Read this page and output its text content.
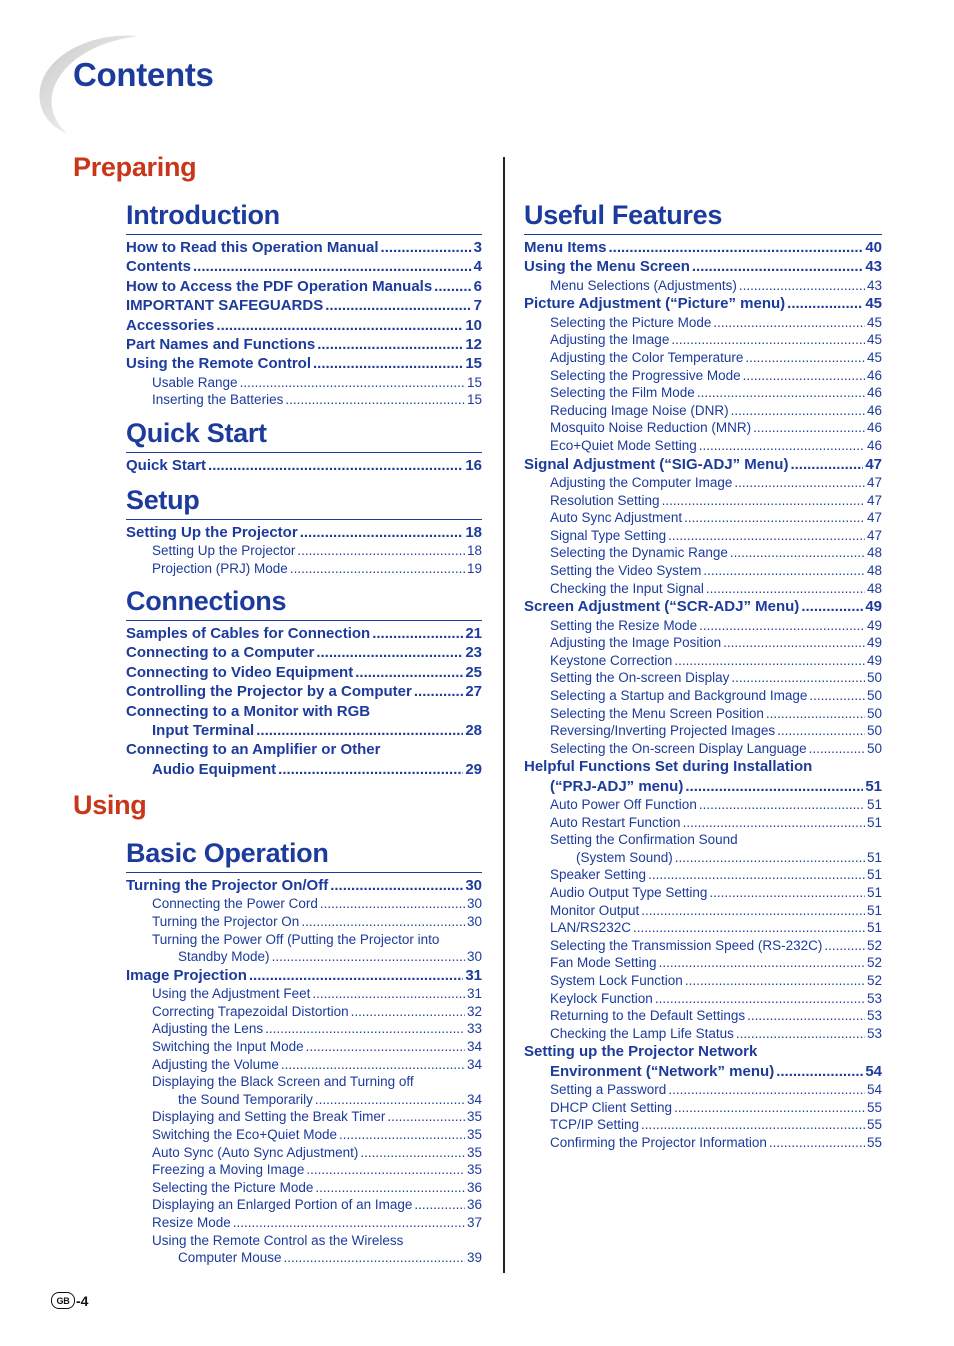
Contents
Preparing
Introduction
How to Read this Operation Manual .....	3
Contents .....	4
How to Access the PDF Operation Manuals .....	6
IMPORTANT SAFEGUARDS .....	7
Accessories .....	10
Part Names and Functions .....	12
Using the Remote Control .....	15
Usable Range .....	15
Inserting the Batteries .....	15
Quick Start
Quick Start .....	16
Setup
Setting Up the Projector .....	18
Setting Up the Projector .....	18
Projection (PRJ) Mode .....	19
Connections
Samples of Cables for Connection .....	21
Connecting to a Computer .....	23
Connecting to Video Equipment .....	25
Controlling the Projector by a Computer .....	27
Connecting to a Monitor with RGB
Input Terminal .....	28
Connecting to an Amplifier or Other
Audio Equipment .....	29
Using
Basic Operation
Turning the Projector On/Off .....	30
Connecting the Power Cord .....	30
Turning the Projector On .....	30
Turning the Power Off (Putting the Projector into
Standby Mode) .....	30
Image Projection .....	31
Using the Adjustment Feet .....	31
Correcting Trapezoidal Distortion .....	32
Adjusting the Lens .....	33
Switching the Input Mode .....	34
Adjusting the Volume .....	34
Displaying the Black Screen and Turning off
the Sound Temporarily .....	34
Displaying and Setting the Break Timer .....	35
Switching the Eco+Quiet Mode .....	35
Auto Sync (Auto Sync Adjustment) .....	35
Freezing a Moving Image .....	35
Selecting the Picture Mode .....	36
Displaying an Enlarged Portion of an Image .....	36
Resize Mode .....	37
Using the Remote Control as the Wireless
Computer Mouse .....	39
Useful Features
Menu Items .....	40
Using the Menu Screen .....	43
Menu Selections (Adjustments) .....	43
Picture Adjustment (“Picture” menu) .....	45
Selecting the Picture Mode .....	45
Adjusting the Image .....	45
Adjusting the Color Temperature .....	45
Selecting the Progressive Mode .....	46
Selecting the Film Mode .....	46
Reducing Image Noise (DNR) .....	46
Mosquito Noise Reduction (MNR) .....	46
Eco+Quiet Mode Setting .....	46
Signal Adjustment (“SIG-ADJ” Menu) .....	47
Adjusting the Computer Image .....	47
Resolution Setting .....	47
Auto Sync Adjustment .....	47
Signal Type Setting .....	47
Selecting the Dynamic Range .....	48
Setting the Video System .....	48
Checking the Input Signal .....	48
Screen Adjustment (“SCR-ADJ” Menu) .....	49
Setting the Resize Mode .....	49
Adjusting the Image Position .....	49
Keystone Correction .....	49
Setting the On-screen Display .....	50
Selecting a Startup and Background Image .....	50
Selecting the Menu Screen Position .....	50
Reversing/Inverting Projected Images .....	50
Selecting the On-screen Display Language .....	50
Helpful Functions Set during Installation
(“PRJ-ADJ” menu) .....	51
Auto Power Off Function .....	51
Auto Restart Function .....	51
Setting the Confirmation Sound
(System Sound) .....	51
Speaker Setting .....	51
Audio Output Type Setting .....	51
Monitor Output .....	51
LAN/RS232C .....	51
Selecting the Transmission Speed (RS-232C) .....	52
Fan Mode Setting .....	52
System Lock Function .....	52
Keylock Function .....	53
Returning to the Default Settings .....	53
Checking the Lamp Life Status .....	53
Setting up the Projector Network
Environment (“Network” menu) .....	54
Setting a Password .....	54
DHCP Client Setting .....	55
TCP/IP Setting .....	55
Confirming the Projector Information .....	55
GB -4
